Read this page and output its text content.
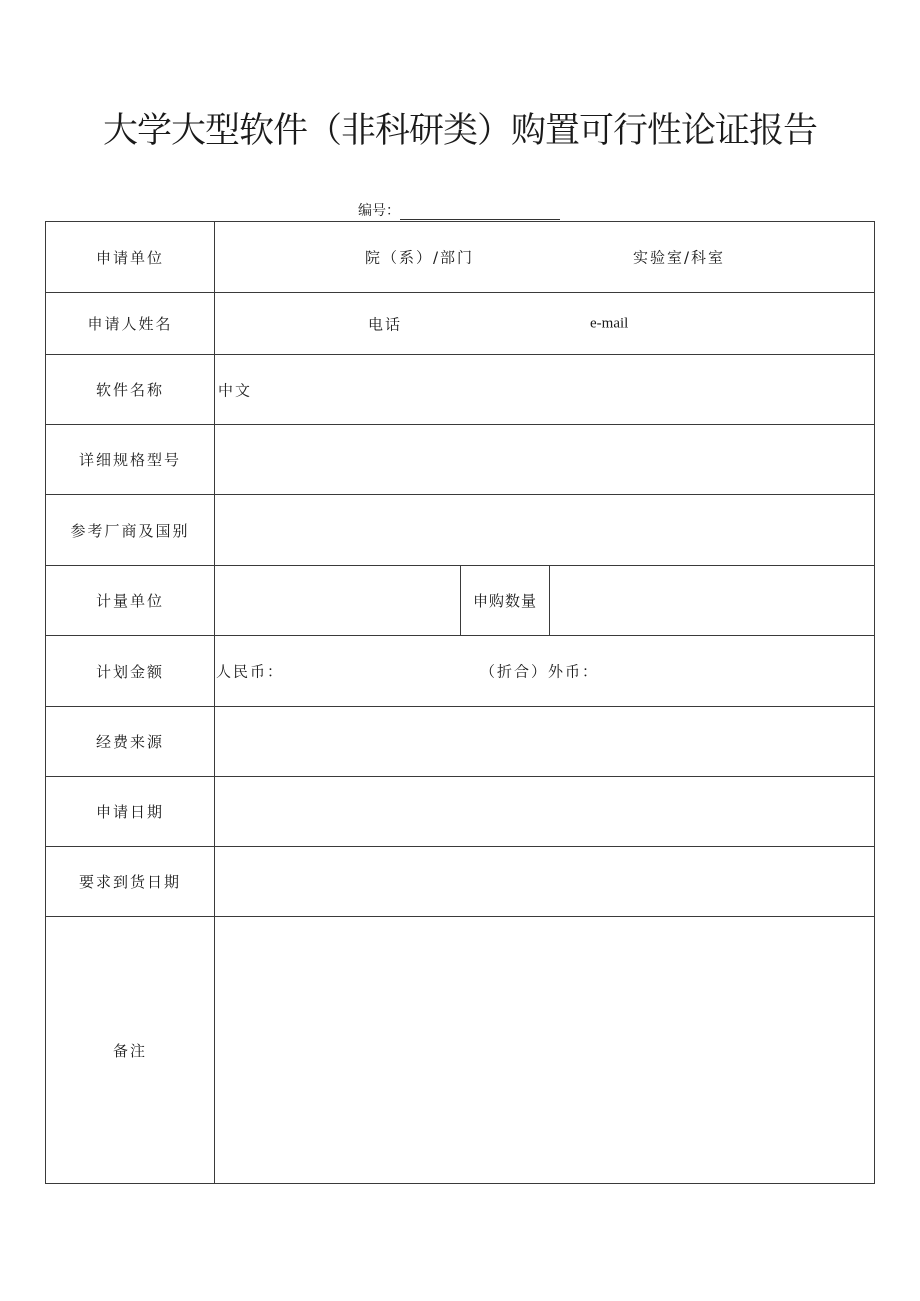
大学大型软件（非科研类）购置可行性论证报告
编号：
申请单位	院（系）/部门 实验室/科室		

申请人姓名	电话 e-mail		

软件名称	中文		

详细规格型号			
参考厂商及国别			
计量单位		申购数量	
计划金额	人民币： （折合）外币：		

经费来源			
申请日期			
要求到货日期			
备注			
